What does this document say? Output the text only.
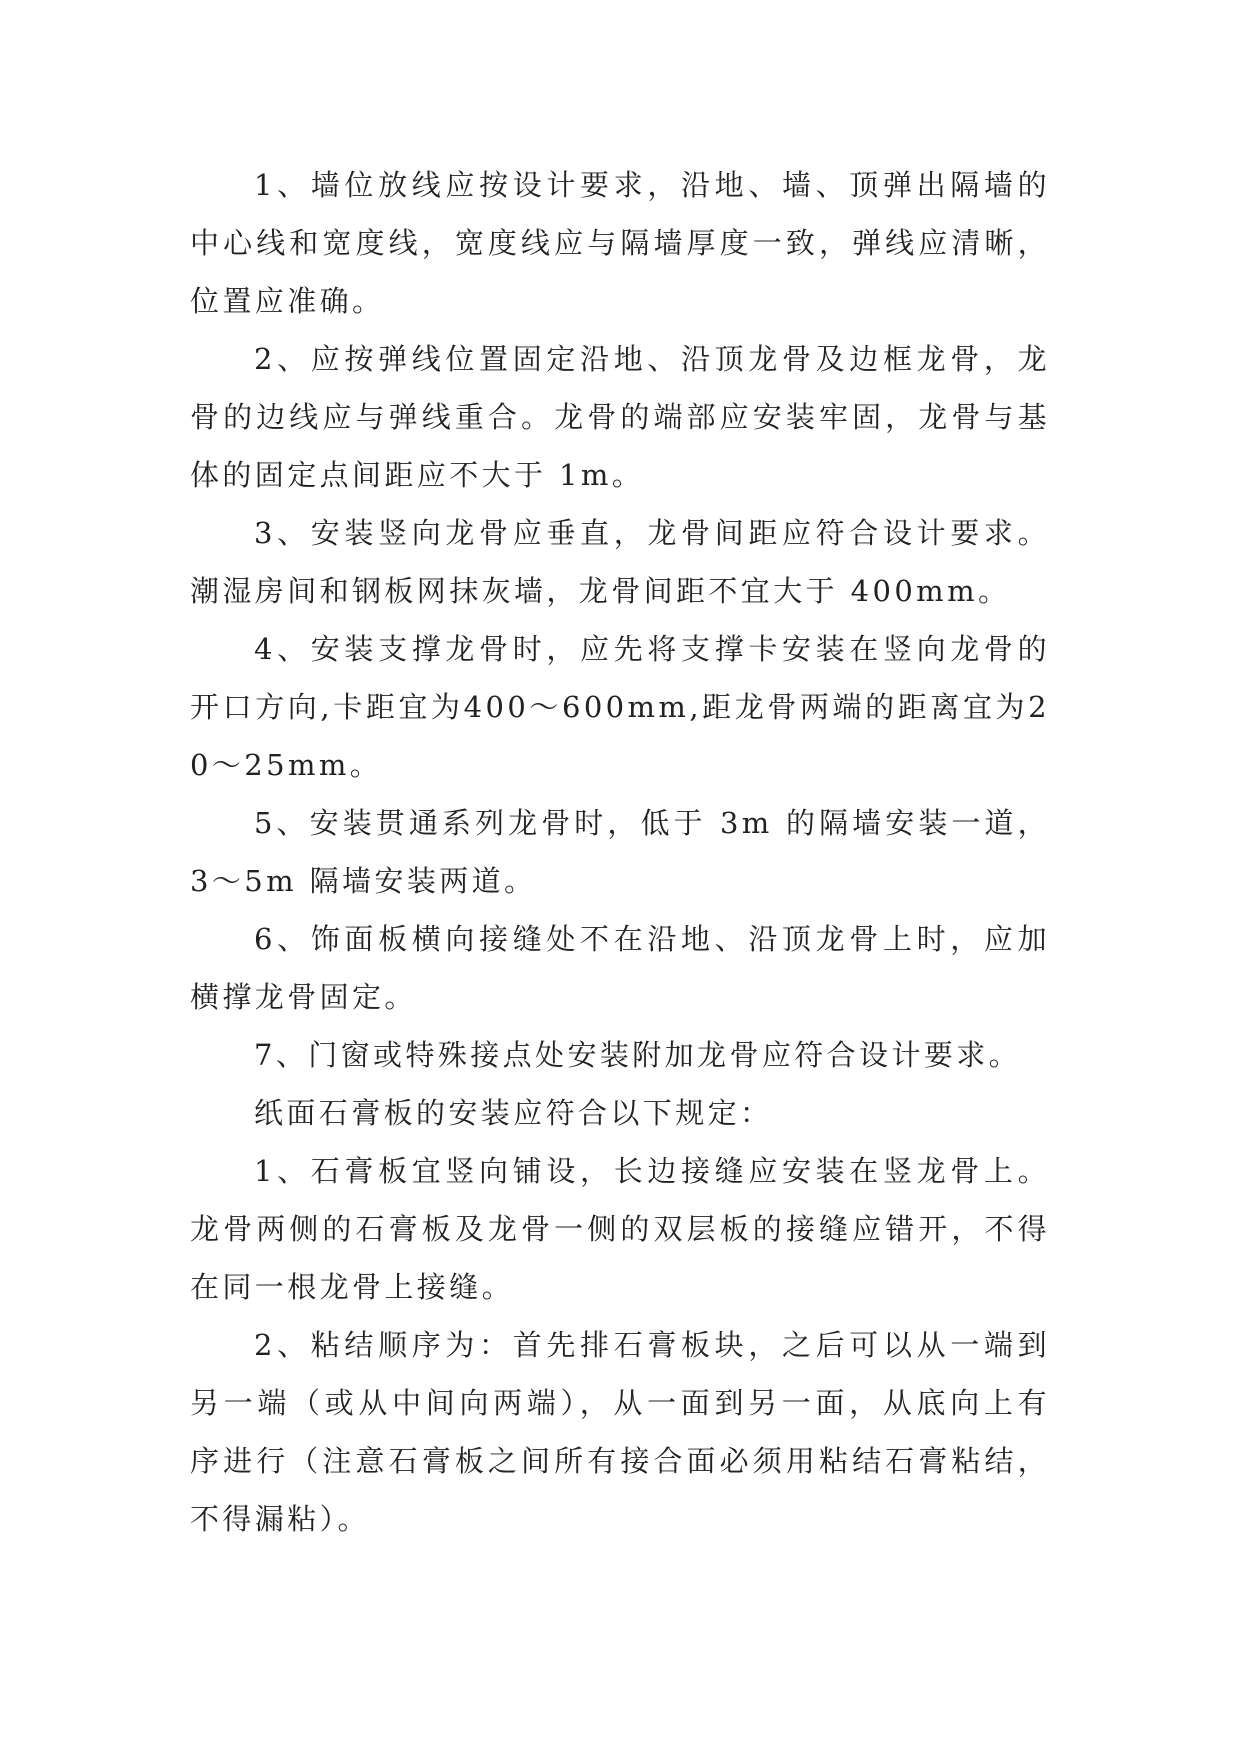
1、墙位放线应按设计要求，沿地、墙、顶弹出隔墙的中心线和宽度线，宽度线应与隔墙厚度一致，弹线应清晰，位置应准确。

2、应按弹线位置固定沿地、沿顶龙骨及边框龙骨，龙骨的边线应与弹线重合。龙骨的端部应安装牢固，龙骨与基体的固定点间距应不大于 1m。

3、安装竖向龙骨应垂直，龙骨间距应符合设计要求。潮湿房间和钢板网抹灰墙，龙骨间距不宜大于 400mm。

4、安装支撑龙骨时，应先将支撑卡安装在竖向龙骨的开口方向,卡距宜为400～600mm,距龙骨两端的距离宜为20～25mm。

5、安装贯通系列龙骨时，低于 3m 的隔墙安装一道，3～5m 隔墙安装两道。

6、饰面板横向接缝处不在沿地、沿顶龙骨上时，应加横撑龙骨固定。

7、门窗或特殊接点处安装附加龙骨应符合设计要求。

纸面石膏板的安装应符合以下规定：

1、石膏板宜竖向铺设，长边接缝应安装在竖龙骨上。龙骨两侧的石膏板及龙骨一侧的双层板的接缝应错开，不得在同一根龙骨上接缝。

2、粘结顺序为：首先排石膏板块，之后可以从一端到另一端（或从中间向两端），从一面到另一面，从底向上有序进行（注意石膏板之间所有接合面必须用粘结石膏粘结，不得漏粘）。
